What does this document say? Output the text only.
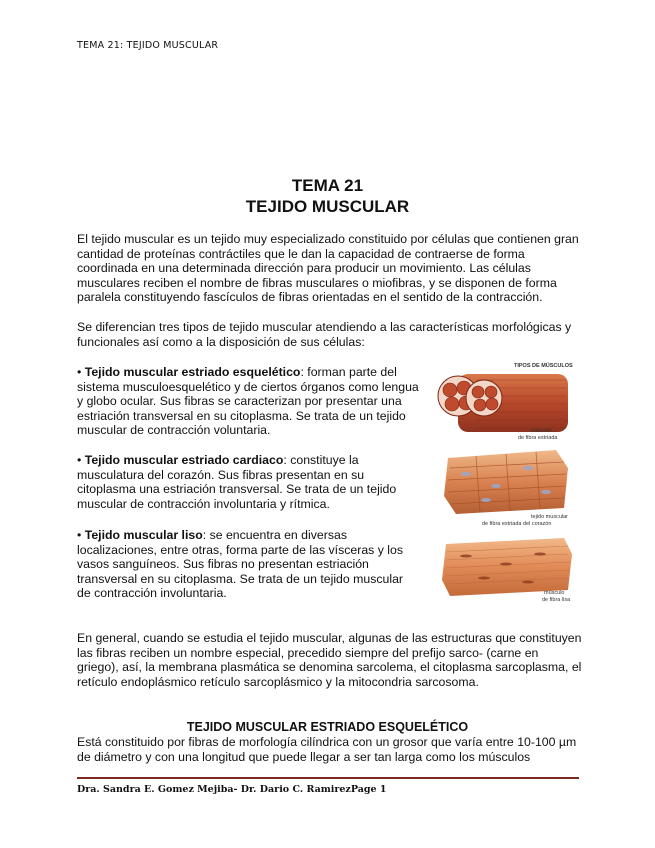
TEMA 21: TEJIDO MUSCULAR
TEMA 21
TEJIDO MUSCULAR
El tejido muscular es un tejido muy especializado constituido por células que contienen gran cantidad de proteínas contráctiles que le dan la capacidad de contraerse de forma coordinada en una determinada dirección para producir un movimiento. Las células musculares reciben el nombre de fibras musculares o miofibras, y se disponen de forma paralela constituyendo fascículos de fibras orientadas en el sentido de la contracción.
Se diferencian tres tipos de tejido muscular atendiendo a las características morfológicas y funcionales así como a la disposición de sus células:
• Tejido muscular estriado esquelético: forman parte del sistema musculoesquelético y de ciertos órganos como lengua y globo ocular. Sus fibras se caracterizan por presentar una estriación transversal en su citoplasma. Se trata de un tejido muscular de contracción voluntaria.
• Tejido muscular estriado cardiaco: constituye la musculatura del corazón. Sus fibras presentan en su citoplasma una estriación transversal. Se trata de un tejido muscular de contracción involuntaria y rítmica.
• Tejido muscular liso: se encuentra en diversas localizaciones, entre otras, forma parte de las vísceras y los vasos sanguíneos. Sus fibras no presentan estriación transversal en su citoplasma. Se trata de un tejido muscular de contracción involuntaria.
TIPOS DE MÚSCULOS
músculo
de fibra estriada
tejido muscular
de fibra estriada del corazón
músculo
de fibra lisa
En general, cuando se estudia el tejido muscular, algunas de las estructuras que constituyen las fibras reciben un nombre especial, precedido siempre del prefijo sarco- (carne en griego), así, la membrana plasmática se denomina sarcolema, el citoplasma sarcoplasma, el retículo endoplásmico retículo sarcoplásmico y la mitocondria sarcosoma.
TEJIDO MUSCULAR ESTRIADO ESQUELÉTICO
Está constituido por fibras de morfología cilíndrica con un grosor que varía entre 10-100 µm de diámetro y con una longitud que puede llegar a ser tan larga como los músculos
Dra. Sandra E. Gomez Mejiba- Dr. Dario C. RamirezPage 1
